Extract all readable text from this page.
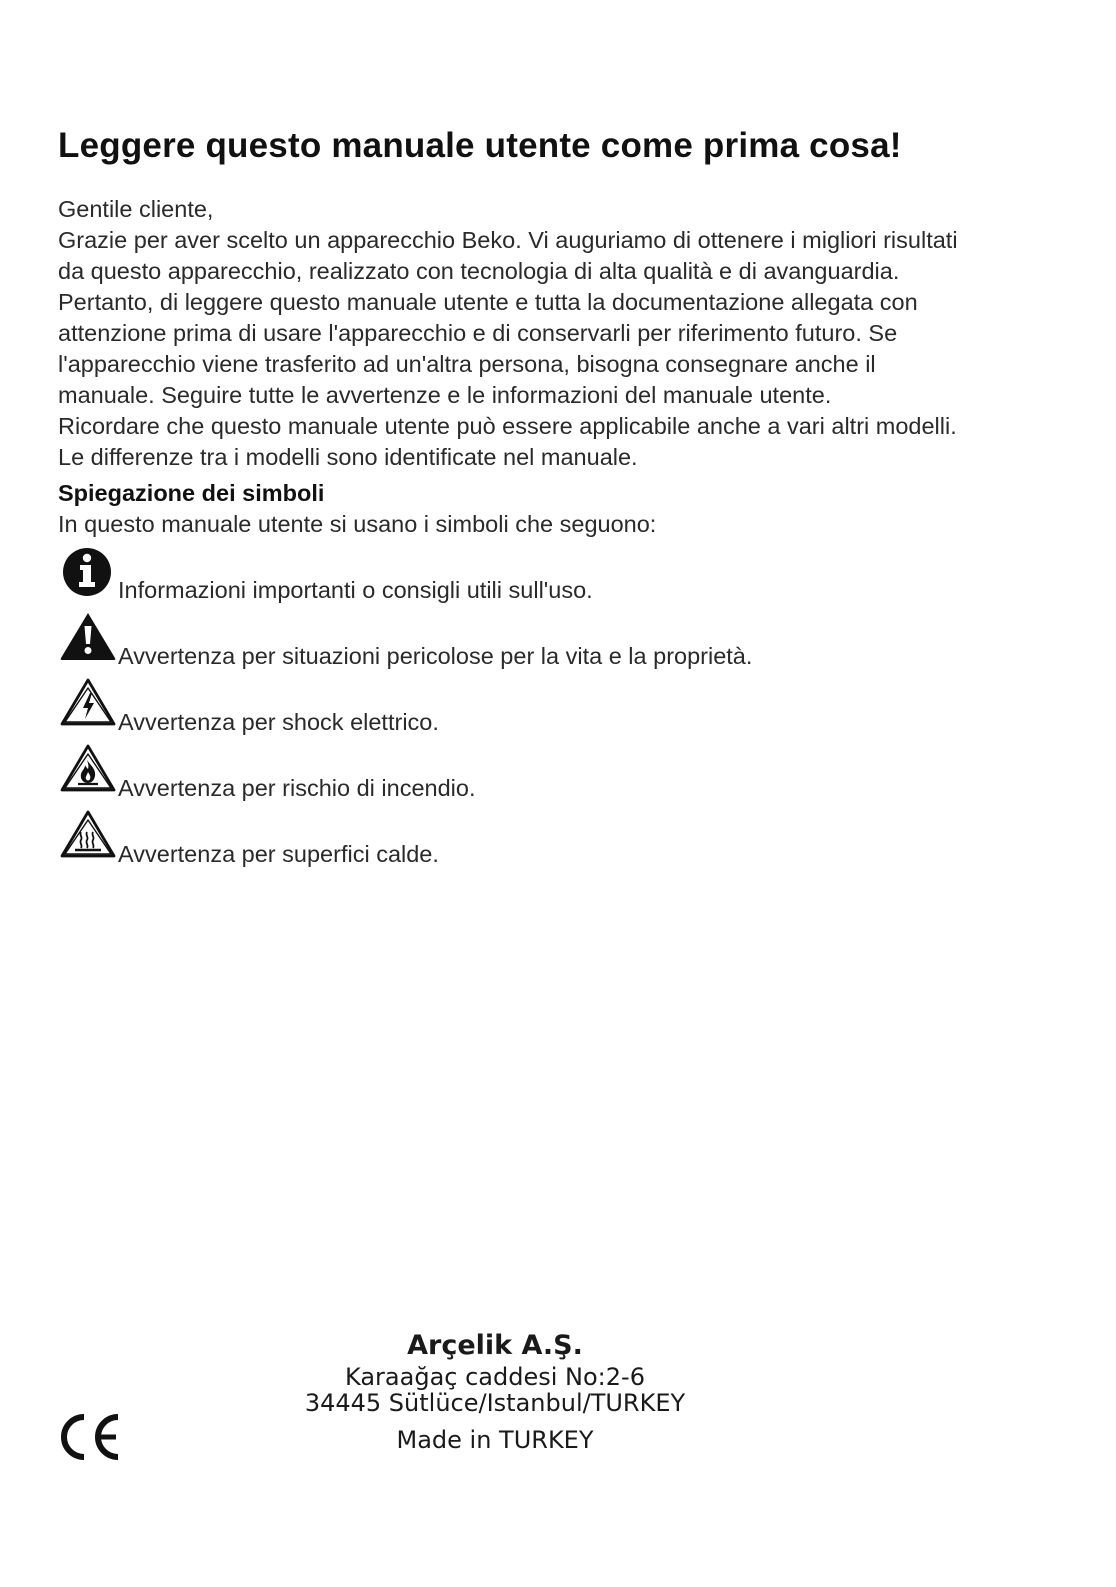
Leggere questo manuale utente come prima cosa!
Gentile cliente,
Grazie per aver scelto un apparecchio Beko. Vi auguriamo di ottenere i migliori risultati
da questo apparecchio, realizzato con tecnologia di alta qualità e di avanguardia.
Pertanto, di leggere questo manuale utente e tutta la documentazione allegata con
attenzione prima di usare l'apparecchio e di conservarli per riferimento futuro. Se
l'apparecchio viene trasferito ad un'altra persona, bisogna consegnare anche il
manuale. Seguire tutte le avvertenze e le informazioni del manuale utente.
Ricordare che questo manuale utente può essere applicabile anche a vari altri modelli.
Le differenze tra i modelli sono identificate nel manuale.
Spiegazione dei simboli
In questo manuale utente si usano i simboli che seguono:
Informazioni importanti o consigli utili sull'uso.
Avvertenza per situazioni pericolose per la vita e la proprietà.
Avvertenza per shock elettrico.
Avvertenza per rischio di incendio.
Avvertenza per superfici calde.
Arçelik A.Ş.
Karaağaç caddesi No:2-6
34445 Sütlüce/Istanbul/TURKEY
Made in TURKEY
